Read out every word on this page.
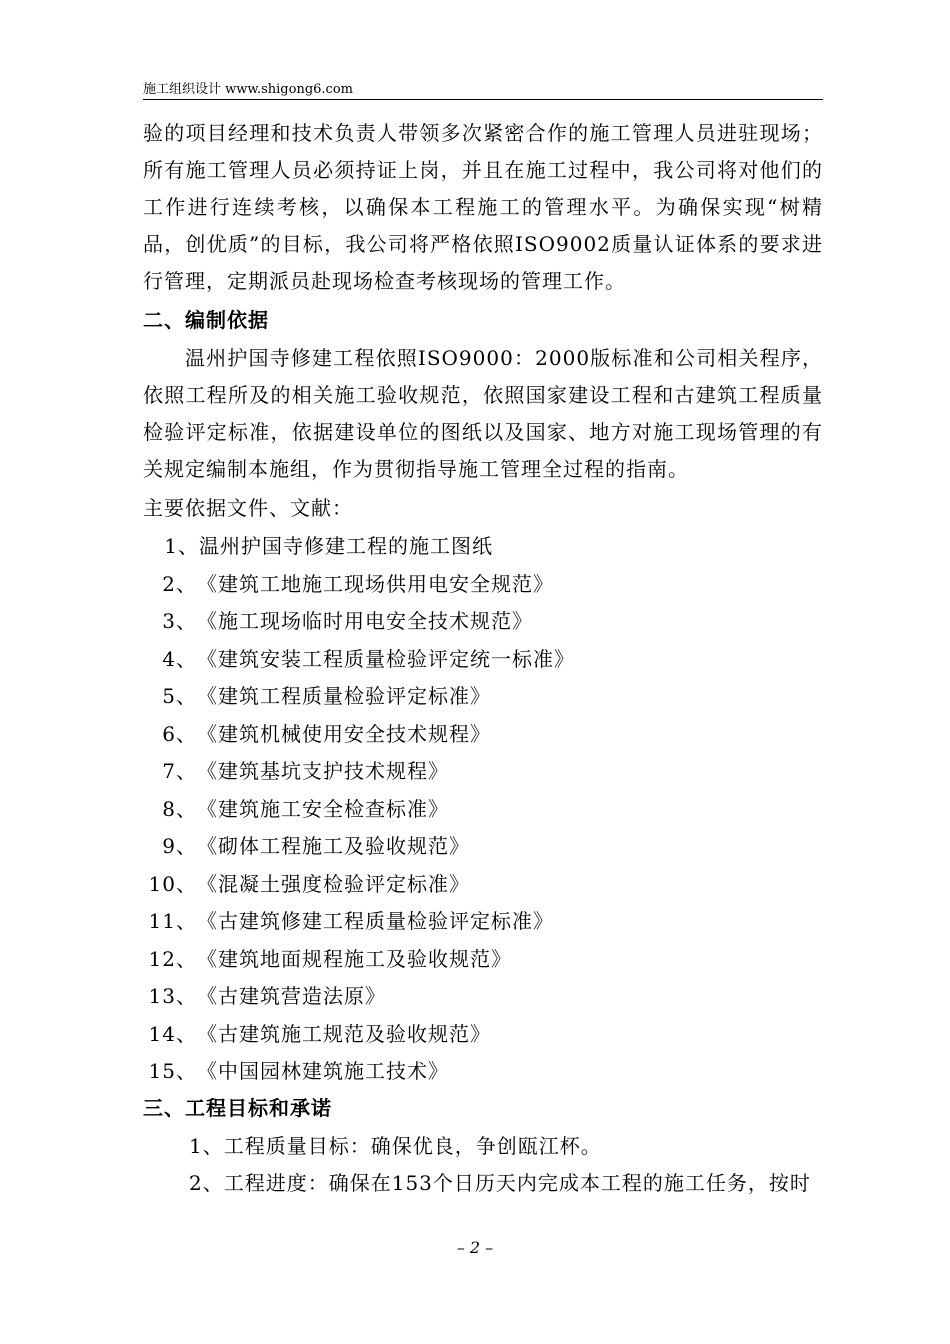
施工组织设计 www.shigong6.com

验的项目经理和技术负责人带领多次紧密合作的施工管理人员进驻现场；所有施工管理人员必须持证上岗，并且在施工过程中，我公司将对他们的工作进行连续考核，以确保本工程施工的管理水平。为确保实现“树精品，创优质”的目标，我公司将严格依照ISO9002质量认证体系的要求进行管理，定期派员赴现场检查考核现场的管理工作。

二、编制依据

温州护国寺修建工程依照ISO9000：2000版标准和公司相关程序，依照工程所及的相关施工验收规范，依照国家建设工程和古建筑工程质量检验评定标准，依据建设单位的图纸以及国家、地方对施工现场管理的有关规定编制本施组，作为贯彻指导施工管理全过程的指南。

主要依据文件、文献：
1、温州护国寺修建工程的施工图纸
2、《建筑工地施工现场供用电安全规范》
3、《施工现场临时用电安全技术规范》
4、《建筑安装工程质量检验评定统一标准》
5、《建筑工程质量检验评定标准》
6、《建筑机械使用安全技术规程》
7、《建筑基坑支护技术规程》
8、《建筑施工安全检查标准》
9、《砌体工程施工及验收规范》
10、《混凝土强度检验评定标准》
11、《古建筑修建工程质量检验评定标准》
12、《建筑地面规程施工及验收规范》
13、《古建筑营造法原》
14、《古建筑施工规范及验收规范》
15、《中国园林建筑施工技术》
三、工程目标和承诺
1、工程质量目标：确保优良，争创瓯江杯。
2、工程进度：确保在153个日历天内完成本工程的施工任务，按时
– 2 –
